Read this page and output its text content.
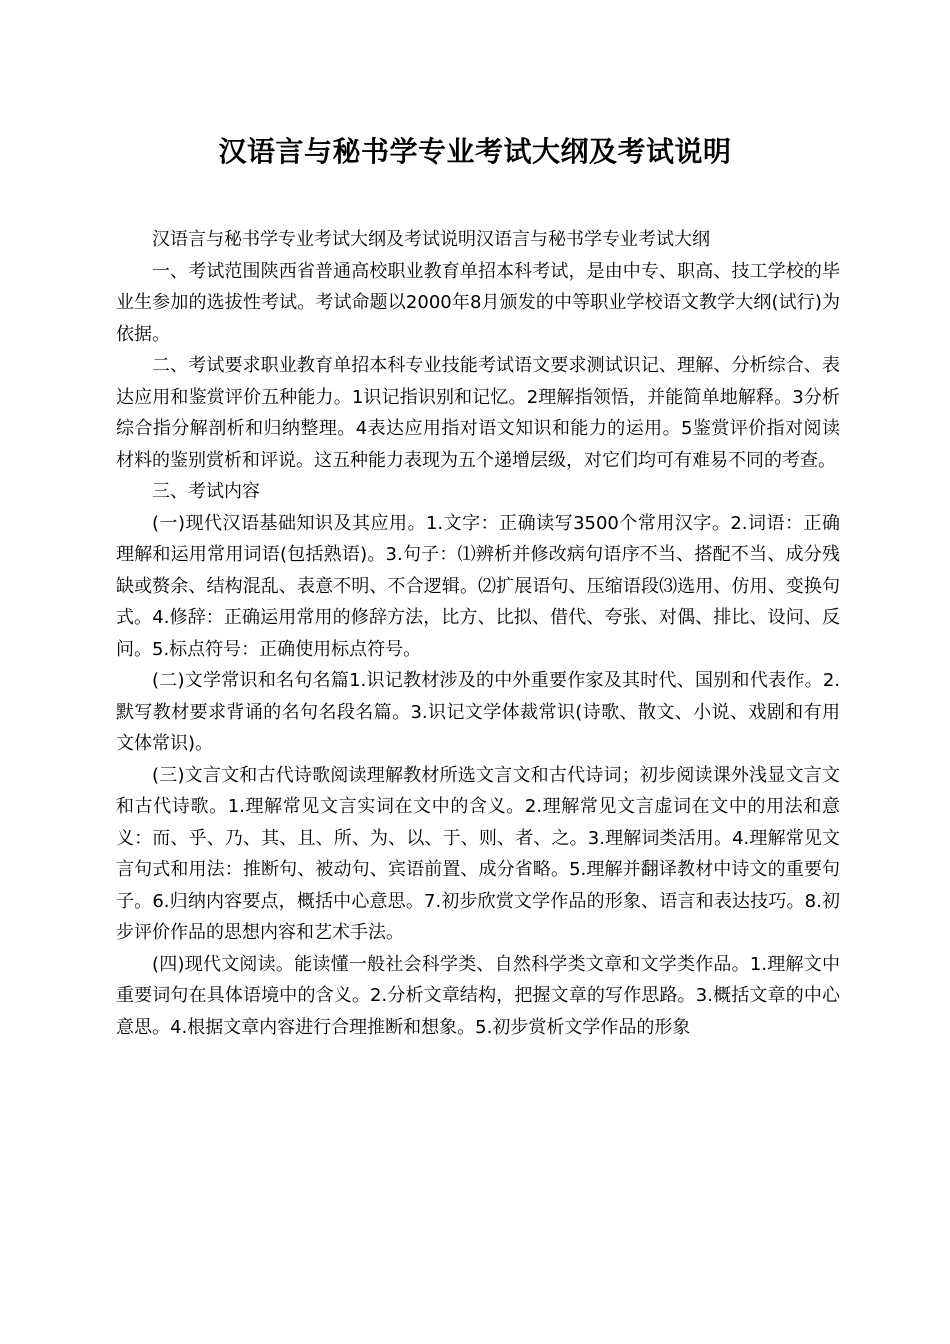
汉语言与秘书学专业考试大纲及考试说明

汉语言与秘书学专业考试大纲及考试说明汉语言与秘书学专业考试大纲

一、考试范围陕西省普通高校职业教育单招本科考试，是由中专、职高、技工学校的毕业生参加的选拔性考试。考试命题以2000年8月颁发的中等职业学校语文教学大纲(试行)为依据。

二、考试要求职业教育单招本科专业技能考试语文要求测试识记、理解、分析综合、表达应用和鉴赏评价五种能力。1识记指识别和记忆。2理解指领悟，并能简单地解释。3分析综合指分解剖析和归纳整理。4表达应用指对语文知识和能力的运用。5鉴赏评价指对阅读材料的鉴别赏析和评说。这五种能力表现为五个递增层级，对它们均可有难易不同的考查。

三、考试内容

(一)现代汉语基础知识及其应用。1.文字：正确读写3500个常用汉字。2.词语：正确理解和运用常用词语(包括熟语)。3.句子：⑴辨析并修改病句语序不当、搭配不当、成分残缺或赘余、结构混乱、表意不明、不合逻辑。⑵扩展语句、压缩语段⑶选用、仿用、变换句式。4.修辞：正确运用常用的修辞方法，比方、比拟、借代、夸张、对偶、排比、设问、反问。5.标点符号：正确使用标点符号。

(二)文学常识和名句名篇1.识记教材涉及的中外重要作家及其时代、国别和代表作。2.默写教材要求背诵的名句名段名篇。3.识记文学体裁常识(诗歌、散文、小说、戏剧和有用文体常识)。

(三)文言文和古代诗歌阅读理解教材所选文言文和古代诗词；初步阅读课外浅显文言文和古代诗歌。1.理解常见文言实词在文中的含义。2.理解常见文言虚词在文中的用法和意义：而、乎、乃、其、且、所、为、以、于、则、者、之。3.理解词类活用。4.理解常见文言句式和用法：推断句、被动句、宾语前置、成分省略。5.理解并翻译教材中诗文的重要句子。6.归纳内容要点，概括中心意思。7.初步欣赏文学作品的形象、语言和表达技巧。8.初步评价作品的思想内容和艺术手法。

(四)现代文阅读。能读懂一般社会科学类、自然科学类文章和文学类作品。1.理解文中重要词句在具体语境中的含义。2.分析文章结构，把握文章的写作思路。3.概括文章的中心意思。4.根据文章内容进行合理推断和想象。5.初步赏析文学作品的形象
